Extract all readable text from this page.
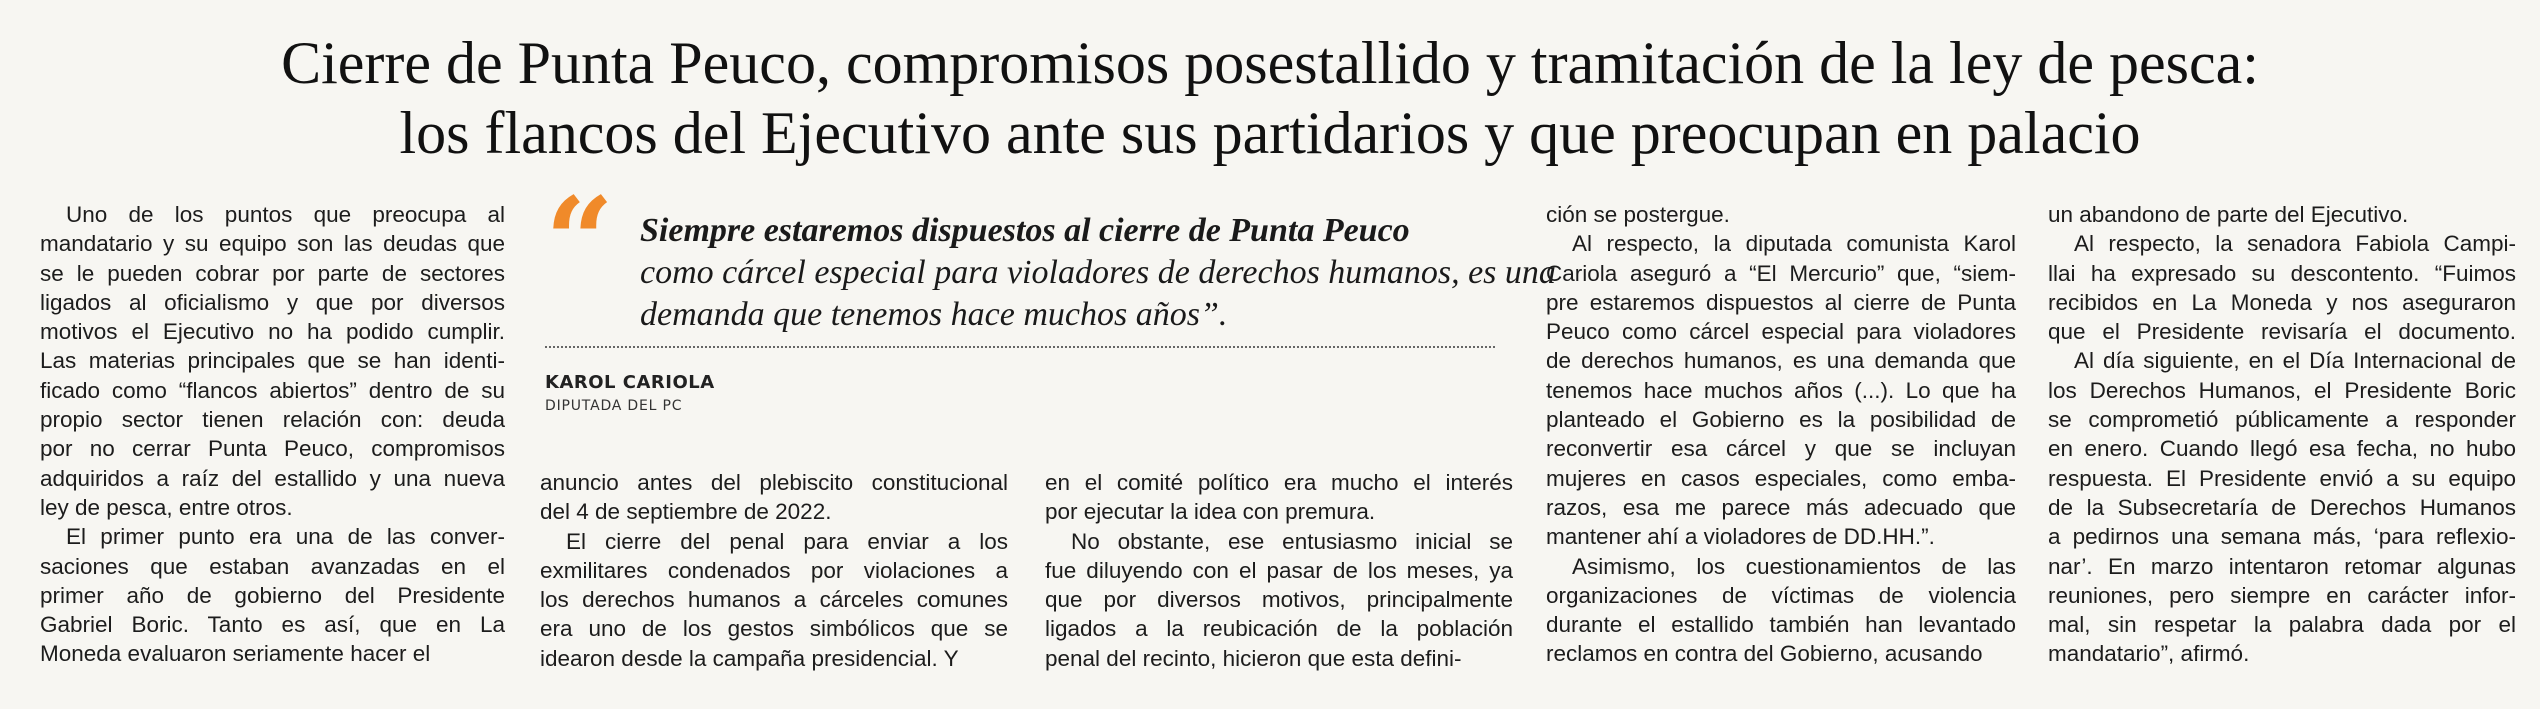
Cierre de Punta Peuco, compromisos posestallido y tramitación de la ley de pesca:
los flancos del Ejecutivo ante sus partidarios y que preocupan en palacio
“ Siempre estaremos dispuestos al cierre de Punta Peuco
como cárcel especial para violadores de derechos humanos, es una
demanda que tenemos hace muchos años”.
KAROL CARIOLA
DIPUTADA DEL PC
Uno de los puntos que preocupa al
mandatario y su equipo son las deudas que
se le pueden cobrar por parte de sectores
ligados al oficialismo y que por diversos
motivos el Ejecutivo no ha podido cumplir.
Las materias principales que se han identi-
ficado como “flancos abiertos” dentro de su
propio sector tienen relación con: deuda
por no cerrar Punta Peuco, compromisos
adquiridos a raíz del estallido y una nueva
ley de pesca, entre otros.
El primer punto era una de las conver-
saciones que estaban avanzadas en el
primer año de gobierno del Presidente
Gabriel Boric. Tanto es así, que en La
Moneda evaluaron seriamente hacer el
anuncio antes del plebiscito constitucional
del 4 de septiembre de 2022.
El cierre del penal para enviar a los
exmilitares condenados por violaciones a
los derechos humanos a cárceles comunes
era uno de los gestos simbólicos que se
idearon desde la campaña presidencial. Y
en el comité político era mucho el interés
por ejecutar la idea con premura.
No obstante, ese entusiasmo inicial se
fue diluyendo con el pasar de los meses, ya
que por diversos motivos, principalmente
ligados a la reubicación de la población
penal del recinto, hicieron que esta defini-
ción se postergue.
Al respecto, la diputada comunista Karol
Cariola aseguró a “El Mercurio” que, “siem-
pre estaremos dispuestos al cierre de Punta
Peuco como cárcel especial para violadores
de derechos humanos, es una demanda que
tenemos hace muchos años (...). Lo que ha
planteado el Gobierno es la posibilidad de
reconvertir esa cárcel y que se incluyan
mujeres en casos especiales, como emba-
razos, esa me parece más adecuado que
mantener ahí a violadores de DD.HH.”.
Asimismo, los cuestionamientos de las
organizaciones de víctimas de violencia
durante el estallido también han levantado
reclamos en contra del Gobierno, acusando
un abandono de parte del Ejecutivo.
Al respecto, la senadora Fabiola Campi-
llai ha expresado su descontento. “Fuimos
recibidos en La Moneda y nos aseguraron
que el Presidente revisaría el documento.
Al día siguiente, en el Día Internacional de
los Derechos Humanos, el Presidente Boric
se comprometió públicamente a responder
en enero. Cuando llegó esa fecha, no hubo
respuesta. El Presidente envió a su equipo
de la Subsecretaría de Derechos Humanos
a pedirnos una semana más, ‘para reflexio-
nar’. En marzo intentaron retomar algunas
reuniones, pero siempre en carácter infor-
mal, sin respetar la palabra dada por el
mandatario”, afirmó.
